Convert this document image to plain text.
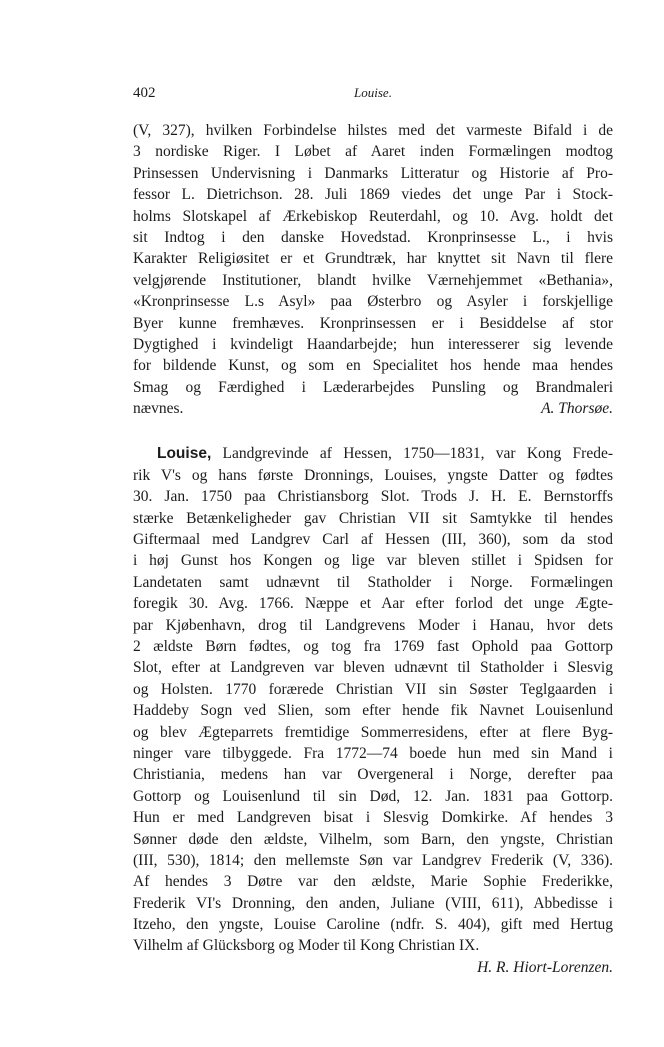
402	Louise.
(V, 327), hvilken Forbindelse hilstes med det varmeste Bifald i de
3 nordiske Riger. I Løbet af Aaret inden Formælingen modtog
Prinsessen Undervisning i Danmarks Litteratur og Historie af Pro-
fessor L. Dietrichson. 28. Juli 1869 viedes det unge Par i Stock-
holms Slotskapel af Ærkebiskop Reuterdahl, og 10. Avg. holdt det
sit Indtog i den danske Hovedstad. Kronprinsesse L., i hvis
Karakter Religiøsitet er et Grundtræk, har knyttet sit Navn til flere
velgjørende Institutioner, blandt hvilke Værnehjemmet «Bethania»,
«Kronprinsesse L.s Asyl» paa Østerbro og Asyler i forskjellige
Byer kunne fremhæves. Kronprinsessen er i Besiddelse af stor
Dygtighed i kvindeligt Haandarbejde; hun interesserer sig levende
for bildende Kunst, og som en Specialitet hos hende maa hendes
Smag og Færdighed i Læderarbejdes Punsling og Brandmaleri
nævnes.	A. Thorsøe.
Louise, Landgrevinde af Hessen, 1750—1831, var Kong Frede-
rik V's og hans første Dronnings, Louises, yngste Datter og fødtes
30. Jan. 1750 paa Christiansborg Slot. Trods J. H. E. Bernstorffs
stærke Betænkeligheder gav Christian VII sit Samtykke til hendes
Giftermaal med Landgrev Carl af Hessen (III, 360), som da stod
i høj Gunst hos Kongen og lige var bleven stillet i Spidsen for
Landetaten samt udnævnt til Statholder i Norge. Formælingen
foregik 30. Avg. 1766. Næppe et Aar efter forlod det unge Ægte-
par Kjøbenhavn, drog til Landgrevens Moder i Hanau, hvor dets
2 ældste Børn fødtes, og tog fra 1769 fast Ophold paa Gottorp
Slot, efter at Landgreven var bleven udnævnt til Statholder i Slesvig
og Holsten. 1770 forærede Christian VII sin Søster Teglgaarden i
Haddeby Sogn ved Slien, som efter hende fik Navnet Louisenlund
og blev Ægteparrets fremtidige Sommerresidens, efter at flere Byg-
ninger vare tilbyggede. Fra 1772—74 boede hun med sin Mand i
Christiania, medens han var Overgeneral i Norge, derefter paa
Gottorp og Louisenlund til sin Død, 12. Jan. 1831 paa Gottorp.
Hun er med Landgreven bisat i Slesvig Domkirke. Af hendes 3
Sønner døde den ældste, Vilhelm, som Barn, den yngste, Christian
(III, 530), 1814; den mellemste Søn var Landgrev Frederik (V, 336).
Af hendes 3 Døtre var den ældste, Marie Sophie Frederikke,
Frederik VI's Dronning, den anden, Juliane (VIII, 611), Abbedisse i
Itzeho, den yngste, Louise Caroline (ndfr. S. 404), gift med Hertug
Vilhelm af Glücksborg og Moder til Kong Christian IX.
H. R. Hiort-Lorenzen.
